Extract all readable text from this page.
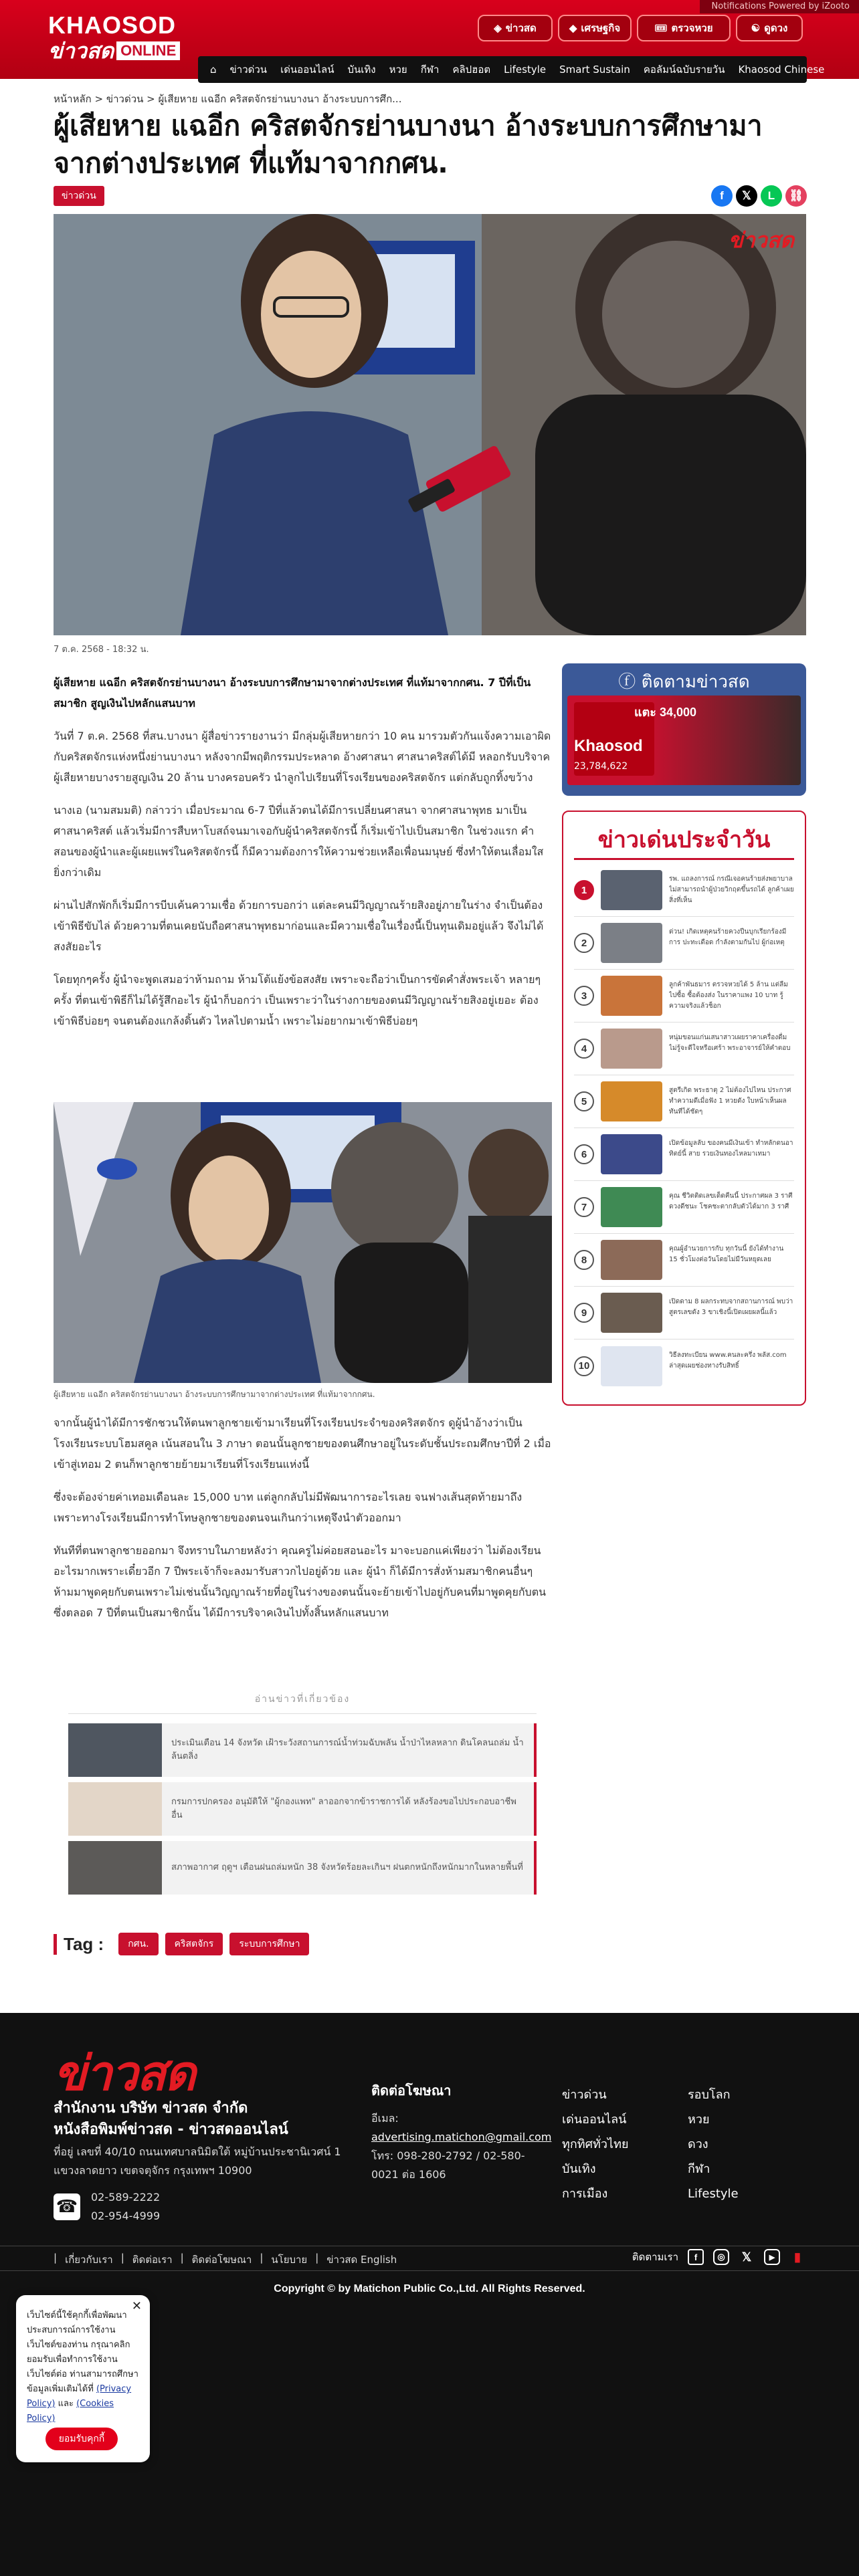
Notifications Powered by iZooto
KHAOSOD
ข่าวสด ONLINE
◈ ข่าวสด	◆ เศรษฐกิจ	🎟 ตรวจหวย	☯ ดูดวง
⌂ ข่าวด่วน เด่นออนไลน์ บันเทิง หวย กีฬา คลิปฮอต Lifestyle Smart Sustain คอลัมน์ฉบับรายวัน Khaosod Chinese
หน้าหลัก > ข่าวด่วน > ผู้เสียหาย แฉอีก คริสตจักรย่านบางนา อ้างระบบการศึก...
ผู้เสียหาย แฉอีก คริสตจักรย่านบางนา อ้างระบบการศึกษามา จากต่างประเทศ ที่แท้มาจากกศน.
ข่าวด่วน	f	𝕏	L	⛓
ข่าวสด
7 ต.ค. 2568 - 18:32 น.

ผู้เสียหาย แฉอีก คริสตจักรย่านบางนา อ้างระบบการศึกษามาจากต่างประเทศ ที่แท้มาจากกศน. 7 ปีที่เป็นสมาชิก สูญเงินไปหลักแสนบาท

วันที่ 7 ต.ค. 2568 ที่สน.บางนา ผู้สื่อข่าวรายงานว่า มีกลุ่มผู้เสียหายกว่า 10 คน มารวมตัวกันแจ้งความเอาผิด กับคริสตจักรแห่งหนึ่งย่านบางนา หลังจากมีพฤติกรรมประหลาด อ้างศาสนา ศาสนาคริสต์ได้มี หลอกรับบริจาค ผู้เสียหายบางรายสูญเงิน 20 ล้าน บางครอบครัว นำลูกไปเรียนที่โรงเรียนของคริสตจักร แต่กลับถูกทิ้งขว้าง

นางเอ (นามสมมติ) กล่าวว่า เมื่อประมาณ 6-7 ปีที่แล้วตนได้มีการเปลี่ยนศาสนา จากศาสนาพุทธ มาเป็นศาสนาคริสต์ แล้วเริ่มมีการสืบหาโบสถ์จนมาเจอกับผู้นำคริสตจักรนี้ ก็เริ่มเข้าไปเป็นสมาชิก ในช่วงแรก คำสอนของผู้นำและผู้เผยแพร่ในคริสตจักรนี้ ก็มีความต้องการให้ความช่วยเหลือเพื่อนมนุษย์ ซึ่งทำให้ตนเลื่อมใสยิ่งกว่าเดิม

ผ่านไปสักพักก็เริ่มมีการบีบเค้นความเชื่อ ด้วยการบอกว่า แต่ละคนมีวิญญาณร้ายสิงอยู่ภายในร่าง จำเป็นต้องเข้าพิธีขับไล่ ด้วยความที่ตนเคยนับถือศาสนาพุทธมาก่อนและมีความเชื่อในเรื่องนี้เป็นทุนเดิมอยู่แล้ว จึงไม่ได้สงสัยอะไร

โดยทุกๆครั้ง ผู้นำจะพูดเสมอว่าห้ามถาม ห้ามโต้แย้งข้อสงสัย เพราะจะถือว่าเป็นการขัดคำสั่งพระเจ้า หลายๆครั้ง ที่ตนเข้าพิธีก็ไม่ได้รู้สึกอะไร ผู้นำก็บอกว่า เป็นเพราะว่าในร่างกายของตนมีวิญญาณร้ายสิงอยู่เยอะ ต้องเข้าพิธีบ่อยๆ จนตนต้องแกล้งดิ้นตัว ไหลไปตามน้ำ เพราะไม่อยากมาเข้าพิธีบ่อยๆ

ผู้เสียหาย แฉอีก คริสตจักรย่านบางนา อ้างระบบการศึกษามาจากต่างประเทศ ที่แท้มาจากกศน.

จากนั้นผู้นำได้มีการชักชวนให้ตนพาลูกชายเข้ามาเรียนที่โรงเรียนประจำของคริสตจักร ดูผู้นำอ้างว่าเป็นโรงเรียนระบบโฮมสคูล เน้นสอนใน 3 ภาษา ตอนนั้นลูกชายของตนศึกษาอยู่ในระดับชั้นประถมศึกษาปีที่ 2 เมื่อเข้าสู่เทอม 2 ตนก็พาลูกชายย้ายมาเรียนที่โรงเรียนแห่งนี้

ซึ่งจะต้องจ่ายค่าเทอมเดือนละ 15,000 บาท แต่ลูกกลับไม่มีพัฒนาการอะไรเลย จนฟางเส้นสุดท้ายมาถึง เพราะทางโรงเรียนมีการทำโทษลูกชายของตนจนเกินกว่าเหตุจึงนำตัวออกมา

ทันทีที่ตนพาลูกชายออกมา จึงทราบในภายหลังว่า คุณครูไม่ค่อยสอนอะไร มาจะบอกแค่เพียงว่า ไม่ต้องเรียนอะไรมากเพราะเดี๋ยวอีก 7 ปีพระเจ้าก็จะลงมารับสาวกไปอยู่ด้วย และ ผู้นำ ก็ได้มีการสั่งห้ามสมาชิกคนอื่นๆห้ามมาพูดคุยกับตนเพราะไม่เช่นนั้นวิญญาณร้ายที่อยู่ในร่างของตนนั้นจะย้ายเข้าไปอยู่กับคนที่มาพูดคุยกับตน ซึ่งตลอด 7 ปีที่ตนเป็นสมาชิกนั้น ได้มีการบริจาคเงินไปทั้งสิ้นหลักแสนบาท

ⓕ ติดตามข่าวสด
แตะ 34,000
Khaosod
23,784,622
ข่าวเด่นประจำวัน
1
รพ. แถลงการณ์ กรณีเจอคนร้ายส่งพยาบาล ไม่สามารถนำผู้ป่วยวิกฤตขึ้นรถได้ ลูกค้าเผยสิ่งที่เห็น
2
ด่วน! เกิดเหตุคนร้ายควงปืนบุกเรียกร้องมีการ ปะทะเดือด กำลังตามกันไป ผู้ก่อเหตุ
3
ลูกค้าพันธมาร ตรวจหวยได้ 5 ล้าน แต่ลืมไปซื้อ ซื้อต้องส่ง ในราคาแพง 10 บาท รู้ความจริงแล้วช็อก
4
หนุ่มขอนแก่นเสนาสาวเผยราคาเครื่องดื่ม ไม่รู้จะดีใจหรือเศร้า พระอาจารย์ให้คำตอบ
5
สูตรีเกิด พระธาตุ 2 ไม่ต้องไปไหน ประกาศทำความดีเมื่อฟัง 1 หวยดัง ใบหน้าเห็นผลทันทีได้ชัดๆ
6
เปิดข้อมูลลับ ของคนมีเงินเข้า ทำหลักดนอาทิตย์นี้ สาย รวยเงินทองไหลมาเทมา
7
คุณ ชีวิตติดเลขเด็ดคืนนี้ ประกาศผล 3 ราศีดวงดีชนะ โชคชะตากลับตัวได้มาก 3 ราศี
8
คุณผู้อำนวยการกับ ทุกวันนี้ ยังได้ทำงาน 15 ชั่วโมงต่อวันโดยไม่มีวันหยุดเลย
9
เปิดดาม 8 ผลกระทบจากสถานการณ์ พบว่า สูตรเลขดัง 3 ขาเชิงนี้เปิดเผยผลนี้แล้ว
10
วิธีลงทะเบียน www.คนละครึ่ง พลัส.com ล่าสุดเผยช่องทางรับสิทธิ์
อ่านข่าวที่เกี่ยวข้อง
ประเมินเตือน 14 จังหวัด เฝ้าระวังสถานการณ์น้ำท่วมฉับพลัน น้ำป่าไหลหลาก ดินโคลนถล่ม น้ำล้นตลิ่ง
กรมการปกครอง อนุมัติให้ "ผู้กองแพท" ลาออกจากข้าราชการได้ หลังร้องขอไปประกอบอาชีพอื่น
สภาพอากาศ ฤดูฯ เตือนฝนถล่มหนัก 38 จังหวัดร้อยละเกินฯ ฝนตกหนักถึงหนักมากในหลายพื้นที่
Tag :	กศน.	คริสตจักร	ระบบการศึกษา
ข่าวสด
สำนักงาน บริษัท ข่าวสด จำกัด
หนังสือพิมพ์ข่าวสด - ข่าวสดออนไลน์
ที่อยู่ เลขที่ 40/10 ถนนเทศบาลนิมิตใต้ หมู่บ้านประชานิเวศน์ 1 แขวงลาดยาว เขตจตุจักร กรุงเทพฯ 10900
☎ 02-589-2222
02-954-4999
ติดต่อโฆษณา
อีเมล:
advertising.matichon@gmail.com
โทร: 098-280-2792 / 02-580-0021 ต่อ 1606
ข่าวด่วน
เด่นออนไลน์
ทุกทิศทั่วไทย
บันเทิง
การเมือง
รอบโลก
หวย
ดวง
กีฬา
Lifestyle
| เกี่ยวกับเรา | ติดต่อเรา | ติดต่อโฆษณา | นโยบาย | ข่าวสด English	ติดตามเรา	f	◎	𝕏	▶	▮
Copyright © by Matichon Public Co.,Ltd. All Rights Reserved.
✕
เว็บไซต์นี้ใช้คุกกี้เพื่อพัฒนาประสบการณ์การใช้งานเว็บไซต์ของท่าน กรุณาคลิกยอมรับเพื่อทำการใช้งานเว็บไซต์ต่อ ท่านสามารถศึกษาข้อมูลเพิ่มเติมได้ที่ (Privacy Policy) และ (Cookies Policy)
ยอมรับคุกกี้
